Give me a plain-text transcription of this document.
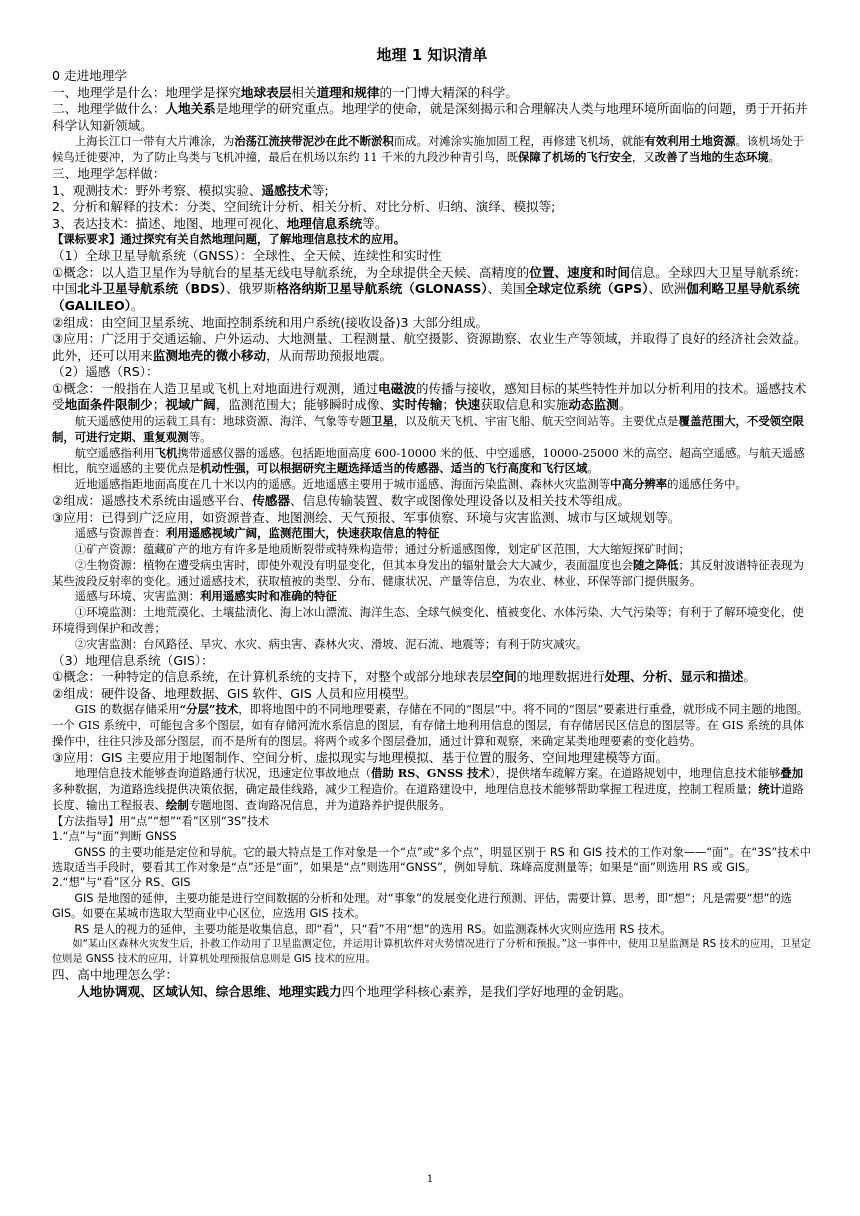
地理 1 知识清单

0 走进地理学

一、地理学是什么：地理学是探究地球表层相关道理和规律的一门博大精深的科学。

二、地理学做什么：人地关系是地理学的研究重点。地理学的使命，就是深刻揭示和合理解决人类与地理环境所面临的问题，勇于开拓并科学认知新领域。

上海长江口一带有大片滩涂，为治荡江流挟带泥沙在此不断淤积而成。对滩涂实施加固工程，再修建飞机场，就能有效利用土地资源。该机场处于候鸟迁徙要冲，为了防止鸟类与飞机冲撞，最后在机场以东约 11 千米的九段沙种青引鸟，既保障了机场的飞行安全，又改善了当地的生态环境。

三、地理学怎样做：

1、观测技术：野外考察、模拟实验、遥感技术等;

2、分析和解释的技术：分类、空间统计分析、相关分析、对比分析、归纳、演绎、模拟等;

3、表达技术：描述、地图、地理可视化、地理信息系统等。

【课标要求】通过探究有关自然地理问题，了解地理信息技术的应用。

（1）全球卫星导航系统（GNSS）：全球性、全天候、连续性和实时性

①概念：以人造卫星作为导航台的星基无线电导航系统，为全球提供全天候、高精度的位置、速度和时间信息。全球四大卫星导航系统：中国北斗卫星导航系统（BDS）、俄罗斯格洛纳斯卫星导航系统（GLONASS）、美国全球定位系统（GPS）、欧洲伽利略卫星导航系统（GALILEO）。

②组成：由空间卫星系统、地面控制系统和用户系统(接收设备)3 大部分组成。

③应用：广泛用于交通运输、户外运动、大地测量、工程测量、航空摄影、资源勘察、农业生产等领域，并取得了良好的经济社会效益。此外，还可以用来监测地壳的微小移动，从而帮助预报地震。

（2）遥感（RS）：

①概念：一般指在人造卫星或飞机上对地面进行观测，通过电磁波的传播与接收，感知目标的某些特性并加以分析利用的技术。遥感技术受地面条件限制少；视域广阔，监测范围大；能够瞬时成像、实时传输；快速获取信息和实施动态监测。

航天遥感使用的运载工具有：地球资源、海洋、气象等专题卫星，以及航天飞机、宇宙飞船、航天空间站等。主要优点是覆盖范围大，不受领空限制，可进行定期、重复观测等。

航空遥感指利用飞机携带遥感仪器的遥感。包括距地面高度 600-10000 米的低、中空遥感，10000-25000 米的高空、超高空遥感。与航天遥感相比，航空遥感的主要优点是机动性强，可以根据研究主题选择适当的传感器、适当的飞行高度和飞行区域。

近地遥感指距地面高度在几十米以内的遥感。近地遥感主要用于城市遥感、海面污染监测、森林火灾监测等中高分辨率的遥感任务中。

②组成：遥感技术系统由遥感平台、传感器、信息传输装置、数字或图像处理设备以及相关技术等组成。

③应用：已得到广泛应用，如资源普查、地图测绘、天气预报、军事侦察、环境与灾害监测、城市与区域规划等。

遥感与资源普查：利用遥感视域广阔，监测范围大，快速获取信息的特征

①矿产资源：蕴藏矿产的地方有许多是地质断裂带或特殊构造带；通过分析遥感图像，划定矿区范围，大大缩短探矿时间；

②生物资源：植物在遭受病虫害时，即使外观没有明显变化，但其本身发出的辐射量会大大减少，表面温度也会随之降低；其反射波谱特征表现为某些波段反射率的变化。通过遥感技术，获取植被的类型、分布、健康状况、产量等信息，为农业、林业、环保等部门提供服务。

遥感与环境、灾害监测：利用遥感实时和准确的特征

①环境监测：土地荒漠化、土壤盐渍化、海上冰山漂流、海洋生态、全球气候变化、植被变化、水体污染、大气污染等；有利于了解环境变化，使环境得到保护和改善；

②灾害监测：台风路径、旱灾、水灾、病虫害、森林火灾、滑坡、泥石流、地震等；有利于防灾减灾。

（3）地理信息系统（GIS）：

①概念：一种特定的信息系统，在计算机系统的支持下，对整个或部分地球表层空间的地理数据进行处理、分析、显示和描述。

②组成：硬件设备、地理数据、GIS 软件、GIS 人员和应用模型。

GIS 的数据存储采用“分层”技术，即将地图中的不同地理要素，存储在不同的“图层”中。将不同的“图层”要素进行重叠，就形成不同主题的地图。一个 GIS 系统中，可能包含多个图层，如有存储河流水系信息的图层，有存储土地利用信息的图层，有存储居民区信息的图层等。在 GIS 系统的具体操作中，往往只涉及部分图层，而不是所有的图层。将两个或多个图层叠加，通过计算和观察，来确定某类地理要素的变化趋势。

③应用：GIS 主要应用于地图制作、空间分析、虚拟现实与地理模拟、基于位置的服务、空间地理建模等方面。

地理信息技术能够查询道路通行状况，迅速定位事故地点（借助 RS、GNSS 技术），提供堵车疏解方案。在道路规划中，地理信息技术能够叠加多种数据，为道路选线提供决策依据，确定最佳线路，减少工程造价。在道路建设中，地理信息技术能够帮助掌握工程进度，控制工程质量；统计道路长度、输出工程报表、绘制专题地图、查询路况信息，并为道路养护提供服务。

【方法指导】用“点”“想”“看”区别“3S”技术

1.“点”与“面”判断 GNSS

GNSS 的主要功能是定位和导航。它的最大特点是工作对象是一个“点”或“多个点”，明显区别于 RS 和 GIS 技术的工作对象——“面”。在“3S”技术中选取适当手段时，要看其工作对象是“点”还是“面”，如果是“点”则选用“GNSS”，例如导航、珠峰高度测量等；如果是“面”则选用 RS 或 GIS。

2.“想”与“看”区分 RS、GIS

GIS 是地图的延伸，主要功能是进行空间数据的分析和处理。对“事象”的发展变化进行预测、评估，需要计算、思考，即“想”；凡是需要“想”的选 GIS。如要在某城市选取大型商业中心区位，应选用 GIS 技术。

RS 是人的视力的延伸，主要功能是收集信息，即“看”，只“看”不用“想”的选用 RS。如监测森林火灾则应选用 RS 技术。

如“某山区森林火灾发生后，扑救工作动用了卫星监测定位，并运用计算机软件对火势情况进行了分析和预报。”这一事件中，使用卫星监测是 RS 技术的应用，卫星定位则是 GNSS 技术的应用，计算机处理预报信息则是 GIS 技术的应用。

四、高中地理怎么学：

人地协调观、区域认知、综合思维、地理实践力四个地理学科核心素养，是我们学好地理的金钥匙。

1
